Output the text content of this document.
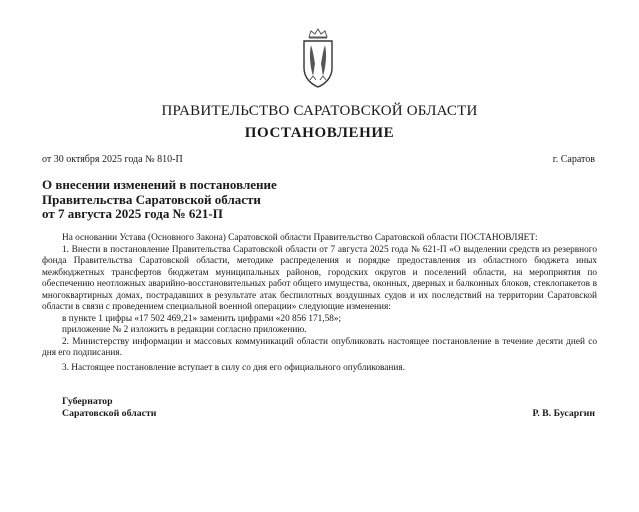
ПРАВИТЕЛЬСТВО САРАТОВСКОЙ ОБЛАСТИ
ПОСТАНОВЛЕНИЕ
от 30 октября 2025 года № 810-П	г. Саратов
О внесении изменений в постановление
Правительства Саратовской области
от 7 августа 2025 года № 621-П

На основании Устава (Основного Закона) Саратовской области Правительство Саратовской области ПОСТАНОВЛЯЕТ:

1. Внести в постановление Правительства Саратовской области от 7 августа 2025 года № 621-П «О выделении средств из резервного фонда Правительства Саратовской области, методике распределения и порядке предоставления из областного бюджета иных межбюджетных трансфертов бюджетам муниципальных районов, городских округов и поселений области, на мероприятия по обеспечению неотложных аварийно-восстановительных работ общего имущества, оконных, дверных и балконных блоков, стеклопакетов в многоквартирных домах, пострадавших в результате атак беспилотных воздушных судов и их последствий на территории Саратовской области в связи с проведением специальной военной операции» следующие изменения:

в пункте 1 цифры «17 502 469,21» заменить цифрами «20 856 171,58»;

приложение № 2 изложить в редакции согласно приложению.

2. Министерству информации и массовых коммуникаций области опубликовать настоящее постановление в течение десяти дней со дня его подписания.

3. Настоящее постановление вступает в силу со дня его официального опубликования.

Губернатор
Саратовской области	Р. В. Бусаргин
